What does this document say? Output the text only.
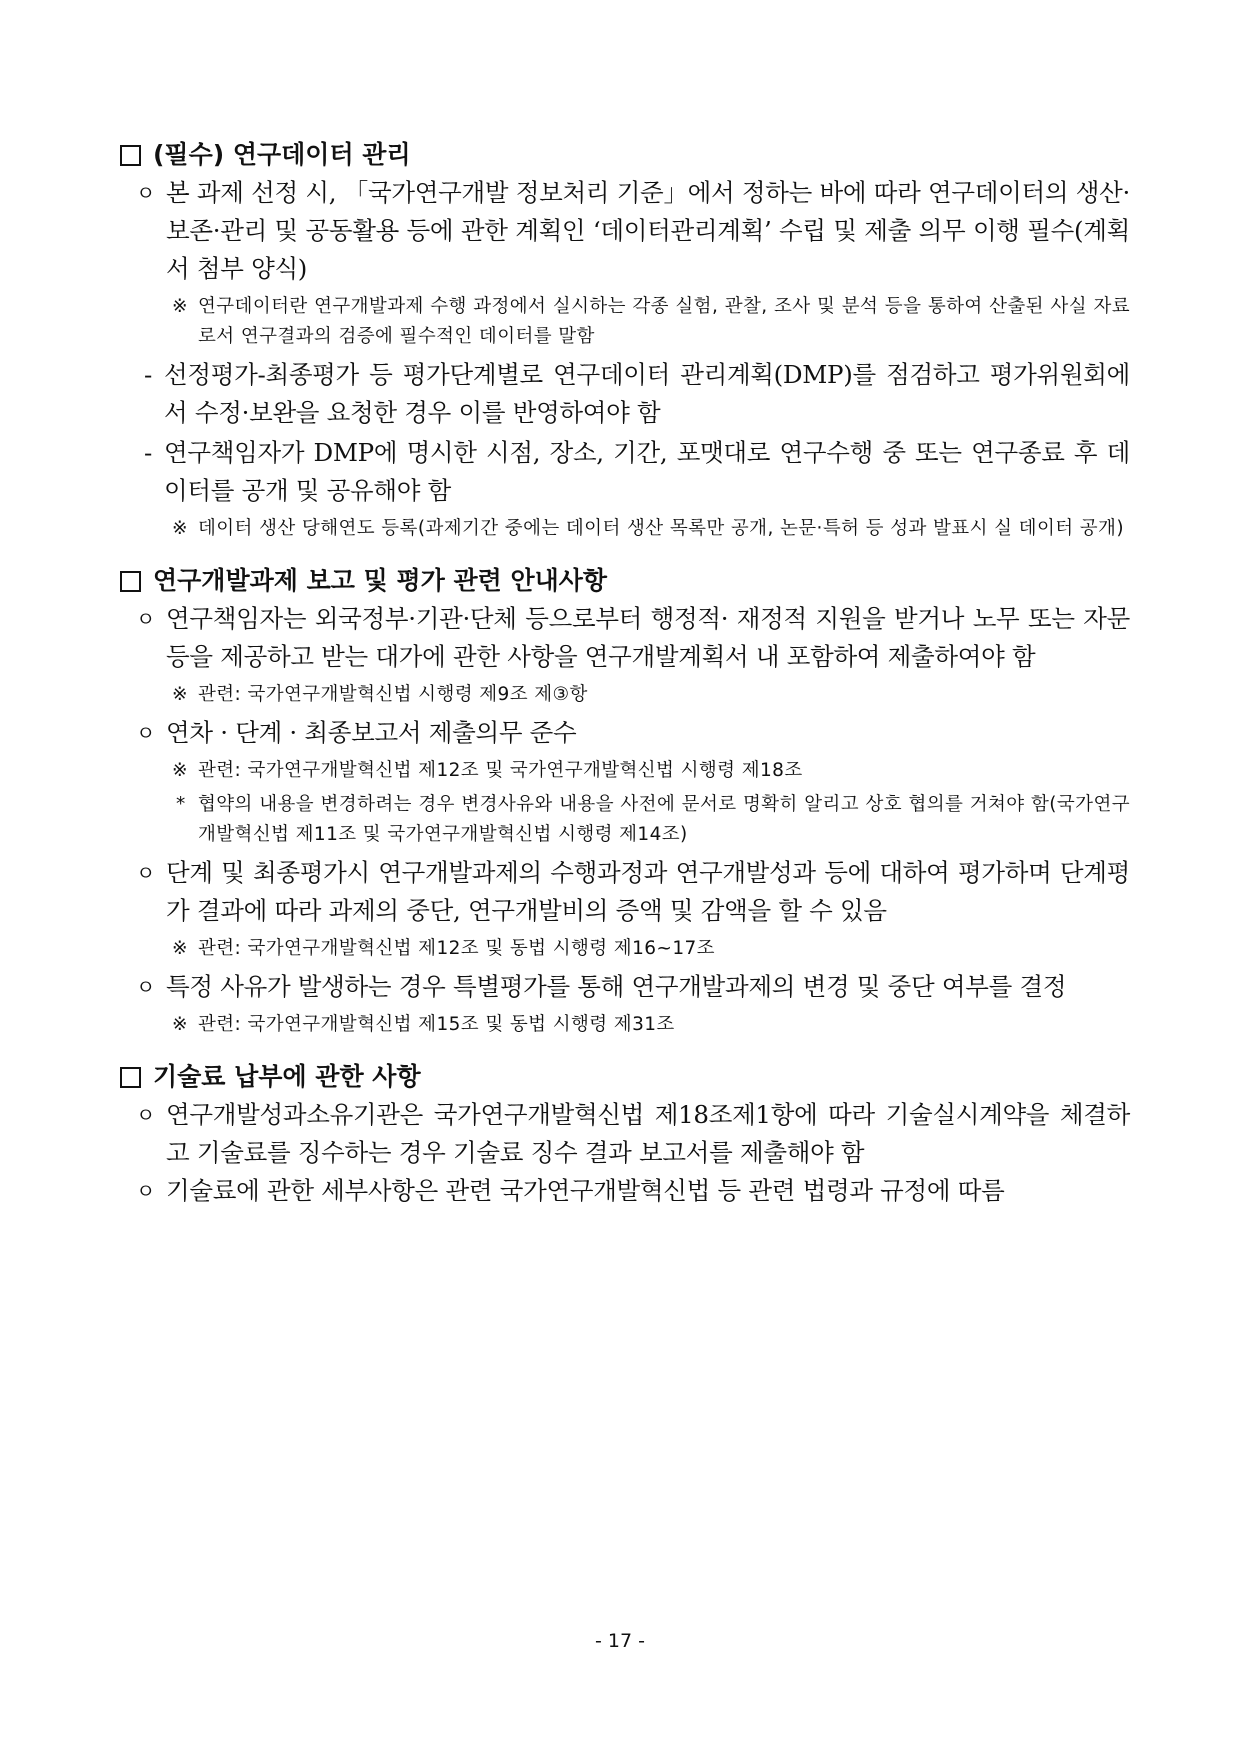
(필수) 연구데이터 관리
ㅇ 본 과제 선정 시, 「국가연구개발 정보처리 기준」에서 정하는 바에 따라 연구데이터의 생산·보존·관리 및 공동활용 등에 관한 계획인 ‘데이터관리계획’ 수립 및 제출 의무 이행 필수(계획서 첨부 양식)
※ 연구데이터란 연구개발과제 수행 과정에서 실시하는 각종 실험, 관찰, 조사 및 분석 등을 통하여 산출된 사실 자료로서 연구결과의 검증에 필수적인 데이터를 말함
- 선정평가-최종평가 등 평가단계별로 연구데이터 관리계획(DMP)를 점검하고 평가위원회에서 수정·보완을 요청한 경우 이를 반영하여야 함
- 연구책임자가 DMP에 명시한 시점, 장소, 기간, 포맷대로 연구수행 중 또는 연구종료 후 데이터를 공개 및 공유해야 함
※ 데이터 생산 당해연도 등록(과제기간 중에는 데이터 생산 목록만 공개, 논문·특허 등 성과 발표시 실 데이터 공개)
연구개발과제 보고 및 평가 관련 안내사항
ㅇ 연구책임자는 외국정부·기관·단체 등으로부터 행정적· 재정적 지원을 받거나 노무 또는 자문 등을 제공하고 받는 대가에 관한 사항을 연구개발계획서 내 포함하여 제출하여야 함
※ 관련: 국가연구개발혁신법 시행령 제9조 제③항
ㅇ 연차 · 단계 · 최종보고서 제출의무 준수
※ 관련: 국가연구개발혁신법 제12조 및 국가연구개발혁신법 시행령 제18조
* 협약의 내용을 변경하려는 경우 변경사유와 내용을 사전에 문서로 명확히 알리고 상호 협의를 거쳐야 함(국가연구개발혁신법 제11조 및 국가연구개발혁신법 시행령 제14조)
ㅇ 단계 및 최종평가시 연구개발과제의 수행과정과 연구개발성과 등에 대하여 평가하며 단계평가 결과에 따라 과제의 중단, 연구개발비의 증액 및 감액을 할 수 있음
※ 관련: 국가연구개발혁신법 제12조 및 동법 시행령 제16~17조
ㅇ 특정 사유가 발생하는 경우 특별평가를 통해 연구개발과제의 변경 및 중단 여부를 결정
※ 관련: 국가연구개발혁신법 제15조 및 동법 시행령 제31조
기술료 납부에 관한 사항
ㅇ 연구개발성과소유기관은 국가연구개발혁신법 제18조제1항에 따라 기술실시계약을 체결하고 기술료를 징수하는 경우 기술료 징수 결과 보고서를 제출해야 함
ㅇ 기술료에 관한 세부사항은 관련 국가연구개발혁신법 등 관련 법령과 규정에 따름
- 17 -
